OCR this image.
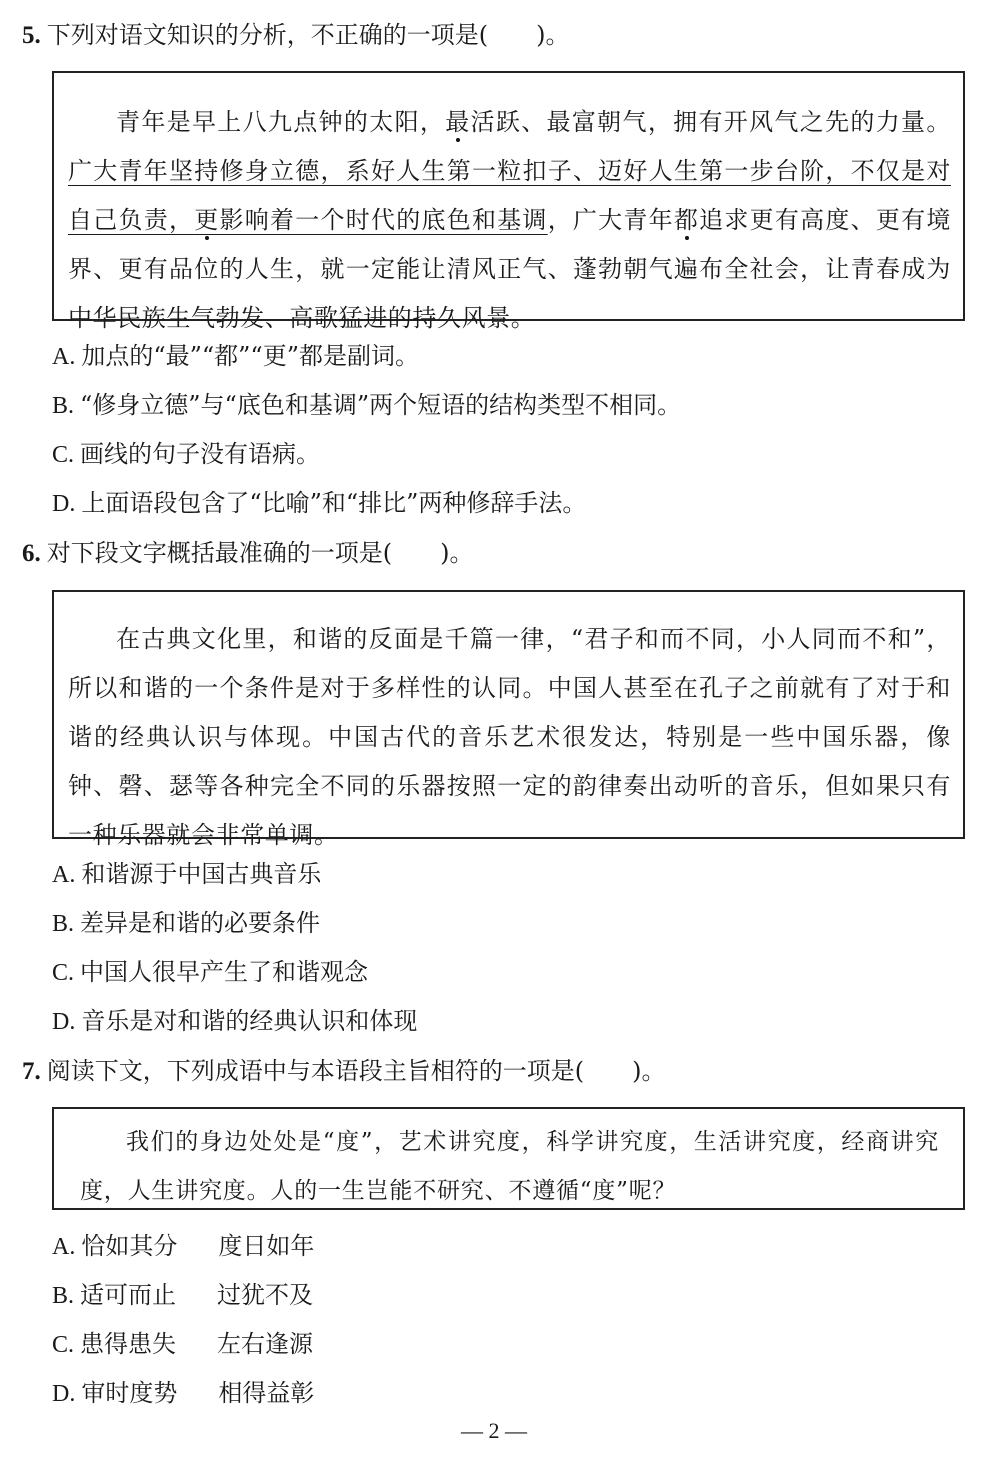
5. 下列对语文知识的分析，不正确的一项是(　　)。

青年是早上八九点钟的太阳，最活跃、最富朝气，拥有开风气之先的力量。广大青年坚持修身立德，系好人生第一粒扣子、迈好人生第一步台阶，不仅是对自己负责，更影响着一个时代的底色和基调，广大青年都追求更有高度、更有境界、更有品位的人生，就一定能让清风正气、蓬勃朝气遍布全社会，让青春成为中华民族生气勃发、高歌猛进的持久风景。

A. 加点的“最”“都”“更”都是副词。
B. “修身立德”与“底色和基调”两个短语的结构类型不相同。
C. 画线的句子没有语病。
D. 上面语段包含了“比喻”和“排比”两种修辞手法。
6. 对下段文字概括最准确的一项是(　　)。

在古典文化里，和谐的反面是千篇一律，“君子和而不同，小人同而不和”，所以和谐的一个条件是对于多样性的认同。中国人甚至在孔子之前就有了对于和谐的经典认识与体现。中国古代的音乐艺术很发达，特别是一些中国乐器，像钟、磬、瑟等各种完全不同的乐器按照一定的韵律奏出动听的音乐，但如果只有一种乐器就会非常单调。

A. 和谐源于中国古典音乐
B. 差异是和谐的必要条件
C. 中国人很早产生了和谐观念
D. 音乐是对和谐的经典认识和体现
7. 阅读下文，下列成语中与本语段主旨相符的一项是(　　)。

我们的身边处处是“度”，艺术讲究度，科学讲究度，生活讲究度，经商讲究度，人生讲究度。人的一生岂能不研究、不遵循“度”呢？

A. 恰如其分 度日如年
B. 适可而止 过犹不及
C. 患得患失 左右逢源
D. 审时度势 相得益彰
— 2 —
